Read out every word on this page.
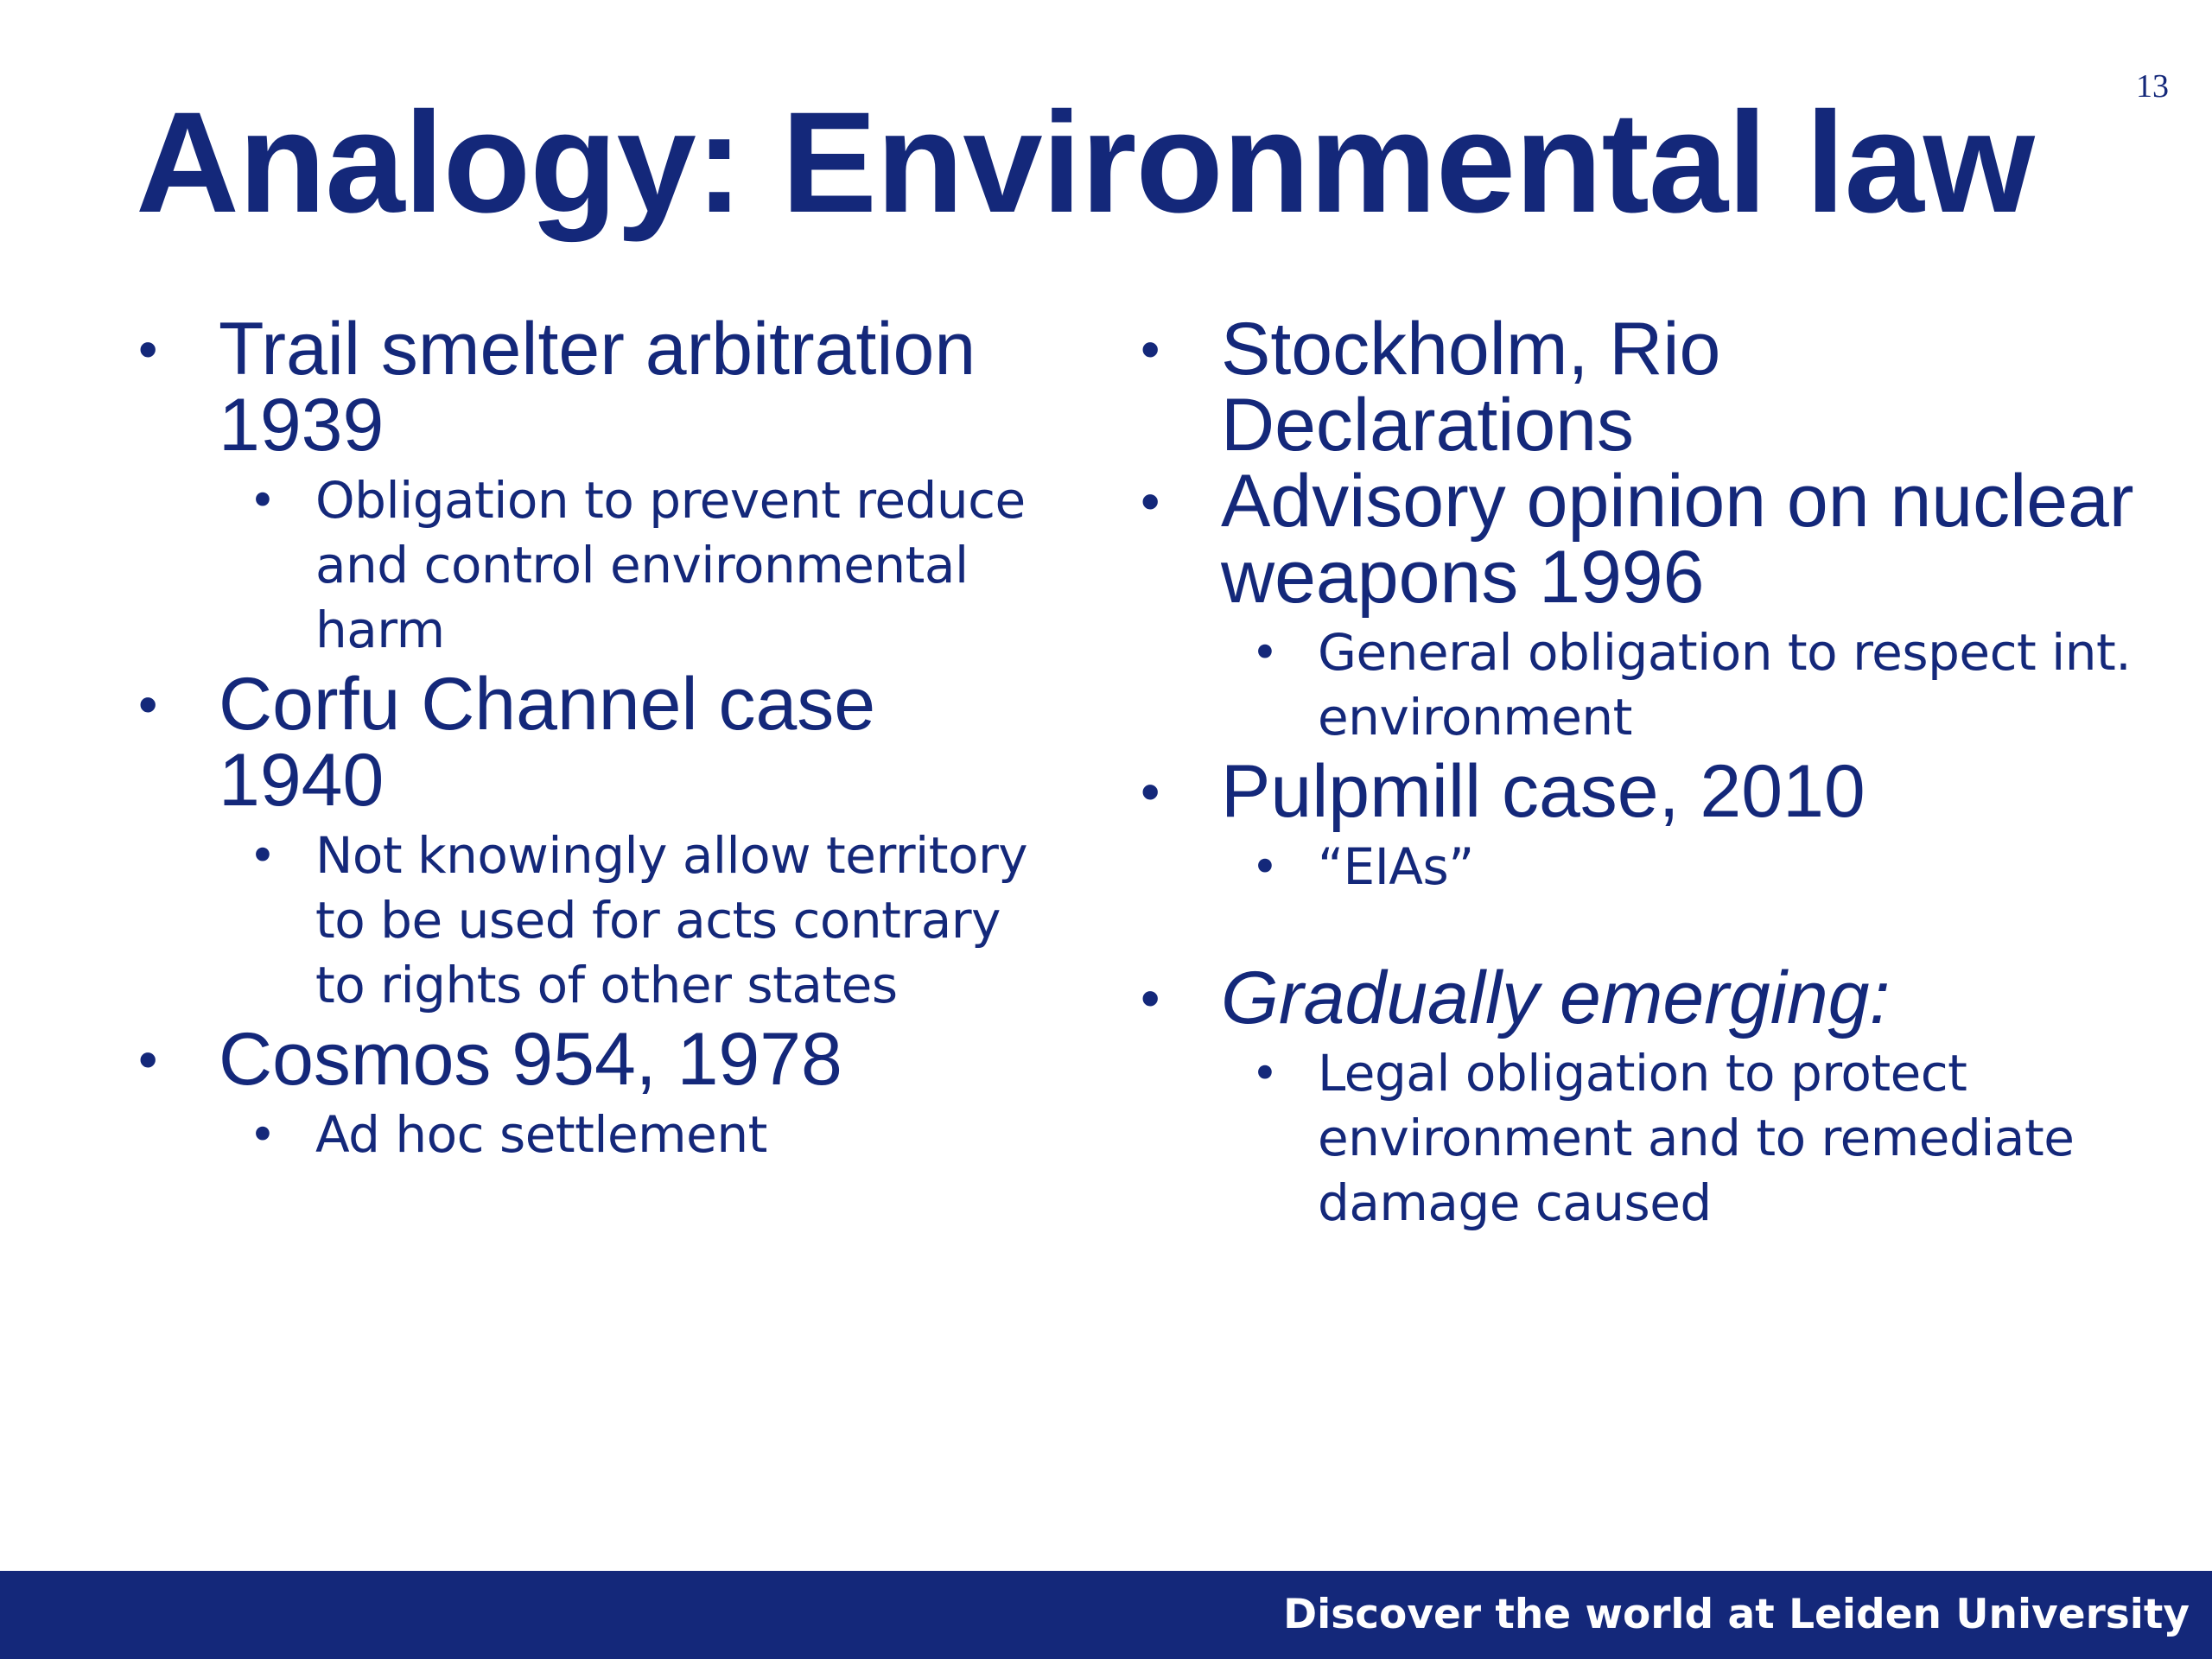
13
Analogy: Environmental law
• Trail smelter arbitration 1939
• Obligation to prevent reduce and control environmental harm
• Corfu Channel case 1940
• Not knowingly allow territory to be used for acts contrary to rights of other states
• Cosmos 954, 1978
• Ad hoc settlement
• Stockholm, Rio Declarations
• Advisory opinion on nuclear weapons 1996
• General obligation to respect int. environment
• Pulpmill case, 2010
• “EIAs”
• Gradually emerging:
• Legal obligation to protect environment and to remediate damage caused
Discover the world at Leiden University
